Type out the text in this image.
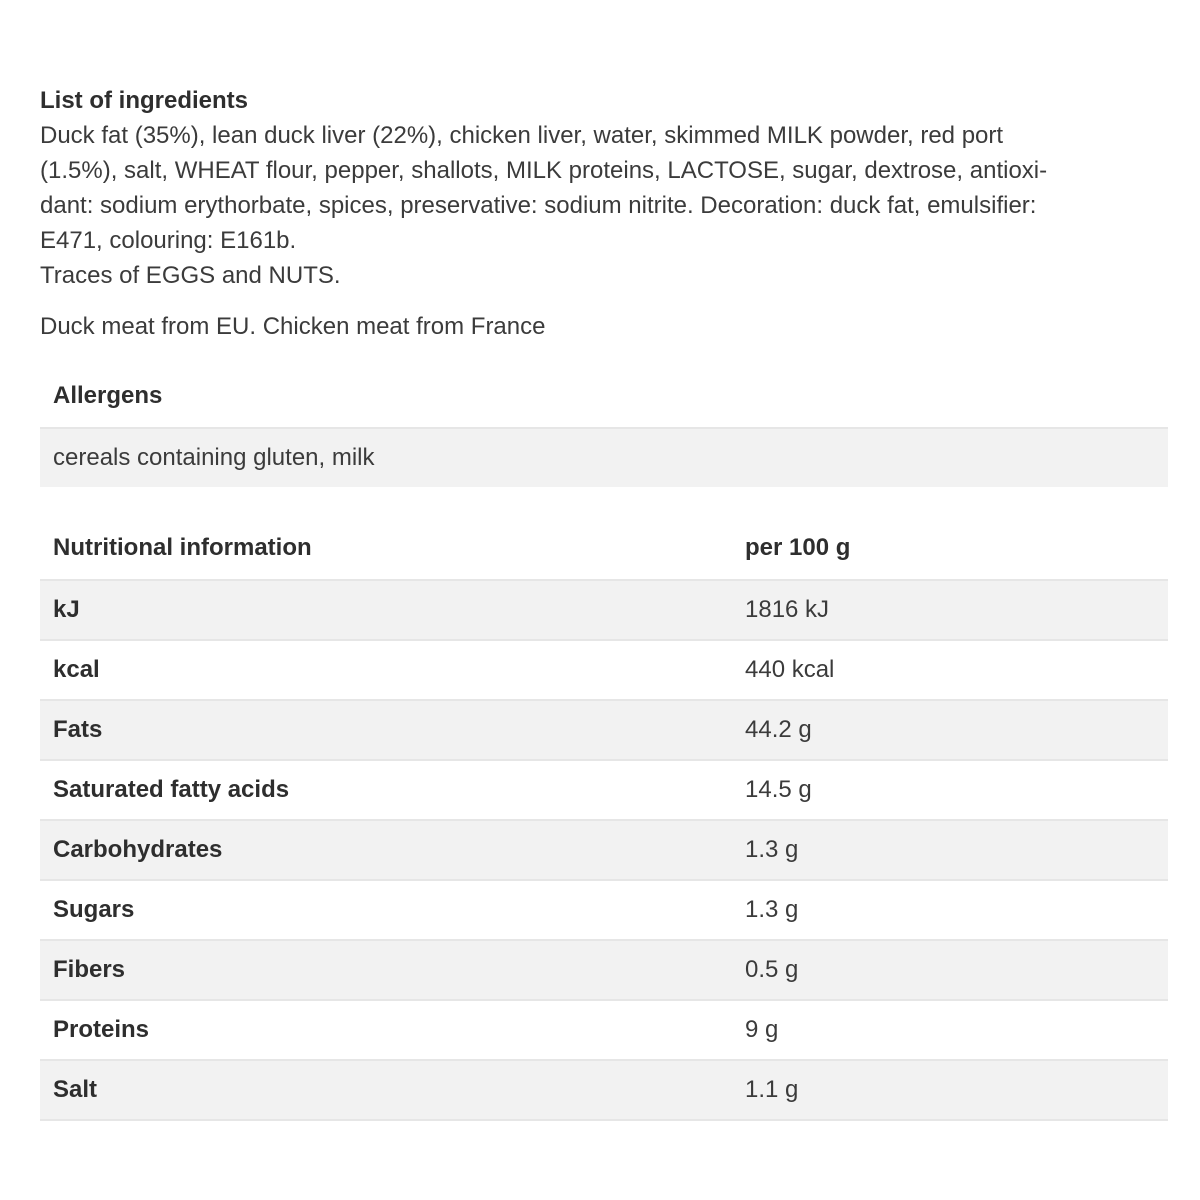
List of ingredients

Duck fat (35%), lean duck liver (22%), chicken liver, water, skimmed MILK powder, red port

(1.5%), salt, WHEAT flour, pepper, shallots, MILK proteins, LACTOSE, sugar, dextrose, antioxi-

dant: sodium erythorbate, spices, preservative: sodium nitrite. Decoration: duck fat, emulsifier:

E471, colouring: E161b.

Traces of EGGS and NUTS.

Duck meat from EU. Chicken meat from France

Allergens
cereals containing gluten, milk
Nutritional information	per 100 g
kJ	1816 kJ
kcal	440 kcal
Fats	44.2 g
Saturated fatty acids	14.5 g
Carbohydrates	1.3 g
Sugars	1.3 g
Fibers	0.5 g
Proteins	9 g
Salt	1.1 g
